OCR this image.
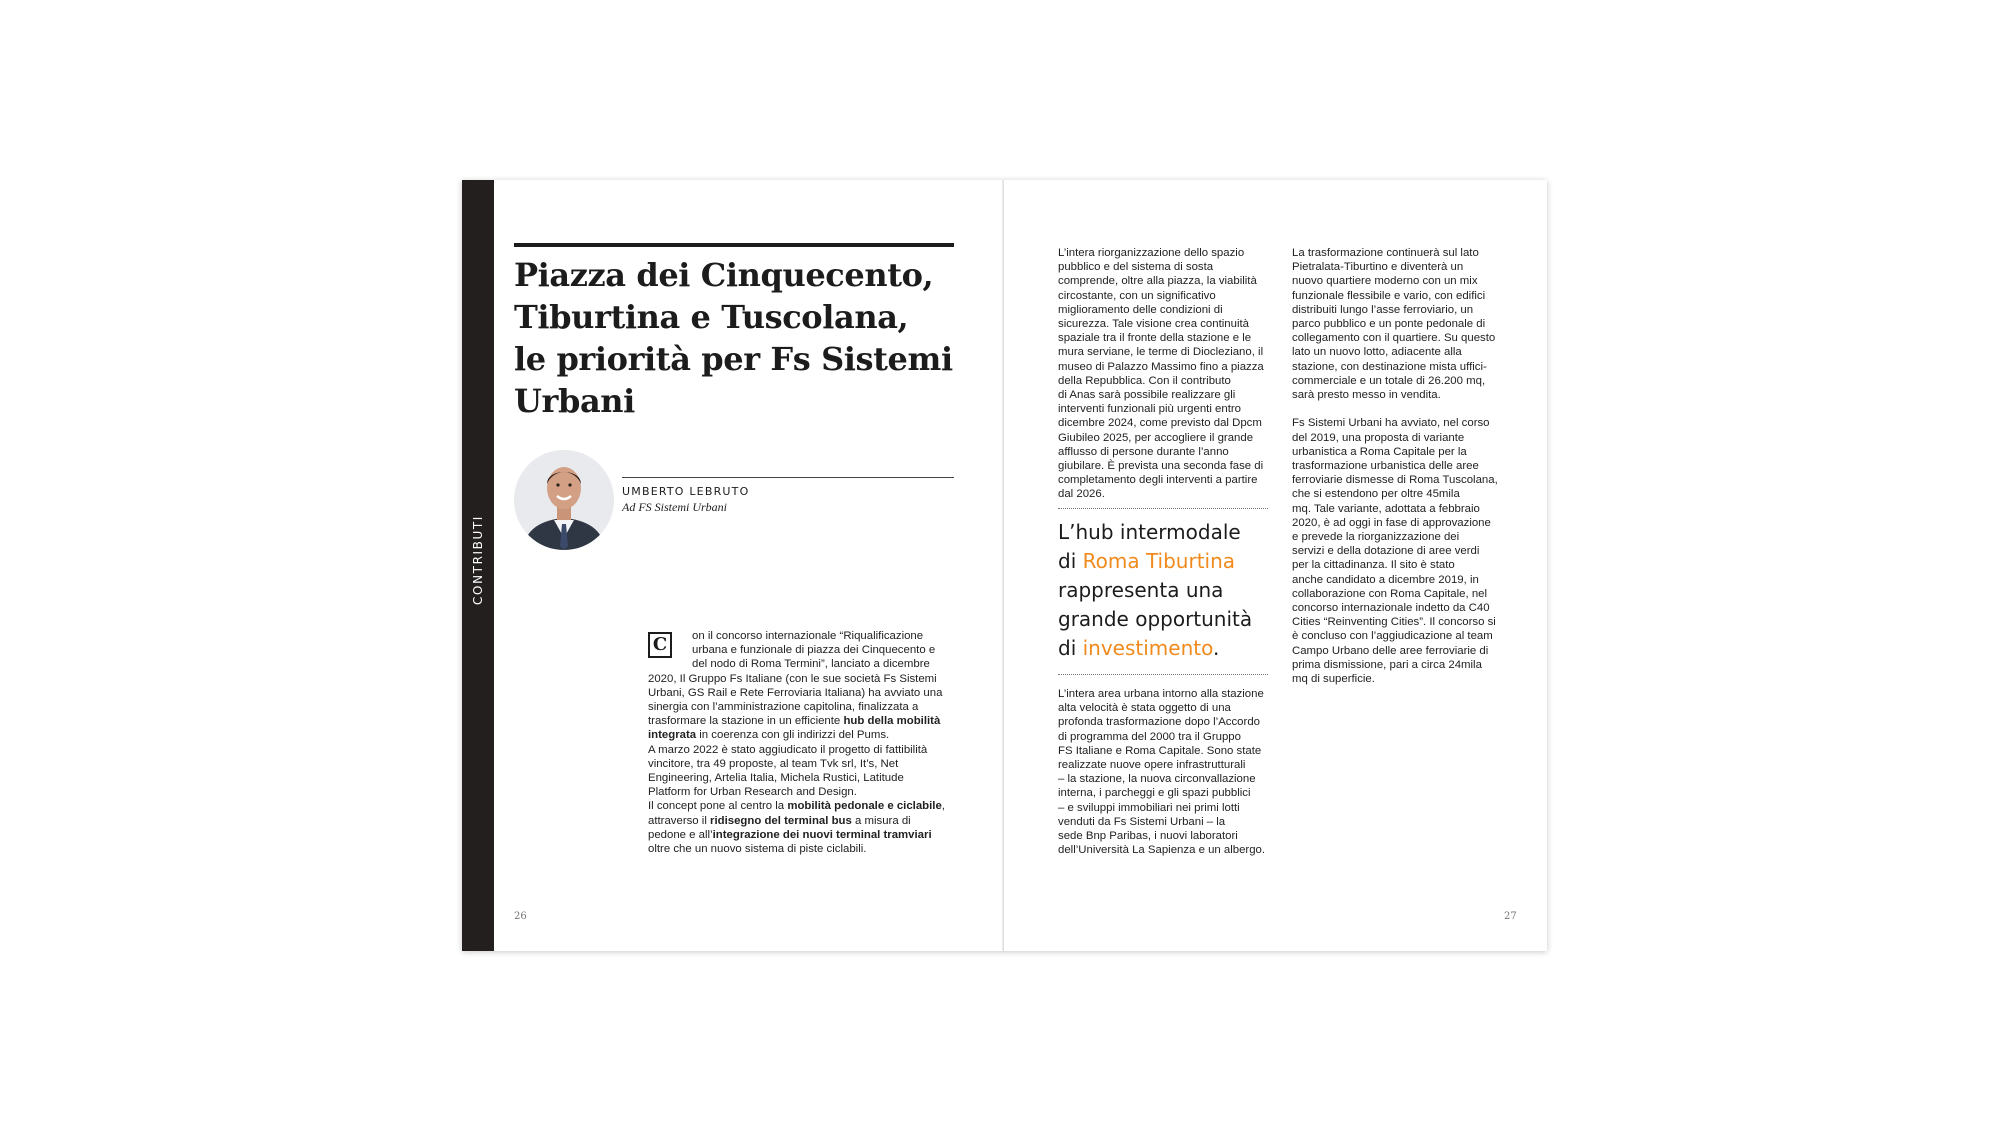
CONTRIBUTI
Piazza dei Cinquecento,
Tiburtina e Tuscolana,
le priorità per Fs Sistemi
Urbani
UMBERTO LEBRUTO
Ad FS Sistemi Urbani
C	on il concorso internazionale “Riqualificazione
urbana e funzionale di piazza dei Cinquecento e
del nodo di Roma Termini”, lanciato a dicembre
2020, Il Gruppo Fs Italiane (con le sue società Fs Sistemi
Urbani, GS Rail e Rete Ferroviaria Italiana) ha avviato una
sinergia con l’amministrazione capitolina, finalizzata a
trasformare la stazione in un efficiente hub della mobilità
integrata in coerenza con gli indirizzi del Pums.
A marzo 2022 è stato aggiudicato il progetto di fattibilità
vincitore, tra 49 proposte, al team Tvk srl, It’s, Net
Engineering, Artelia Italia, Michela Rustici, Latitude
Platform for Urban Research and Design.
Il concept pone al centro la mobilità pedonale e ciclabile,
attraverso il ridisegno del terminal bus a misura di
pedone e all’integrazione dei nuovi terminal tramviari
oltre che un nuovo sistema di piste ciclabili.
26
L’intera riorganizzazione dello spazio
pubblico e del sistema di sosta
comprende, oltre alla piazza, la viabilità
circostante, con un significativo
miglioramento delle condizioni di
sicurezza. Tale visione crea continuità
spaziale tra il fronte della stazione e le
mura serviane, le terme di Diocleziano, il
museo di Palazzo Massimo fino a piazza
della Repubblica. Con il contributo
di Anas sarà possibile realizzare gli
interventi funzionali più urgenti entro
dicembre 2024, come previsto dal Dpcm
Giubileo 2025, per accogliere il grande
afflusso di persone durante l’anno
giubilare. È prevista una seconda fase di
completamento degli interventi a partire
dal 2026.
L’hub intermodale
di Roma Tiburtina
rappresenta una
grande opportunità
di investimento.
L’intera area urbana intorno alla stazione
alta velocità è stata oggetto di una
profonda trasformazione dopo l’Accordo
di programma del 2000 tra il Gruppo
FS Italiane e Roma Capitale. Sono state
realizzate nuove opere infrastrutturali
– la stazione, la nuova circonvallazione
interna, i parcheggi e gli spazi pubblici
– e sviluppi immobiliari nei primi lotti
venduti da Fs Sistemi Urbani – la
sede Bnp Paribas, i nuovi laboratori
dell’Università La Sapienza e un albergo.
La trasformazione continuerà sul lato
Pietralata-Tiburtino e diventerà un
nuovo quartiere moderno con un mix
funzionale flessibile e vario, con edifici
distribuiti lungo l’asse ferroviario, un
parco pubblico e un ponte pedonale di
collegamento con il quartiere. Su questo
lato un nuovo lotto, adiacente alla
stazione, con destinazione mista uffici-
commerciale e un totale di 26.200 mq,
sarà presto messo in vendita.
Fs Sistemi Urbani ha avviato, nel corso
del 2019, una proposta di variante
urbanistica a Roma Capitale per la
trasformazione urbanistica delle aree
ferroviarie dismesse di Roma Tuscolana,
che si estendono per oltre 45mila
mq. Tale variante, adottata a febbraio
2020, è ad oggi in fase di approvazione
e prevede la riorganizzazione dei
servizi e della dotazione di aree verdi
per la cittadinanza. Il sito è stato
anche candidato a dicembre 2019, in
collaborazione con Roma Capitale, nel
concorso internazionale indetto da C40
Cities “Reinventing Cities”. Il concorso si
è concluso con l’aggiudicazione al team
Campo Urbano delle aree ferroviarie di
prima dismissione, pari a circa 24mila
mq di superficie.
27
